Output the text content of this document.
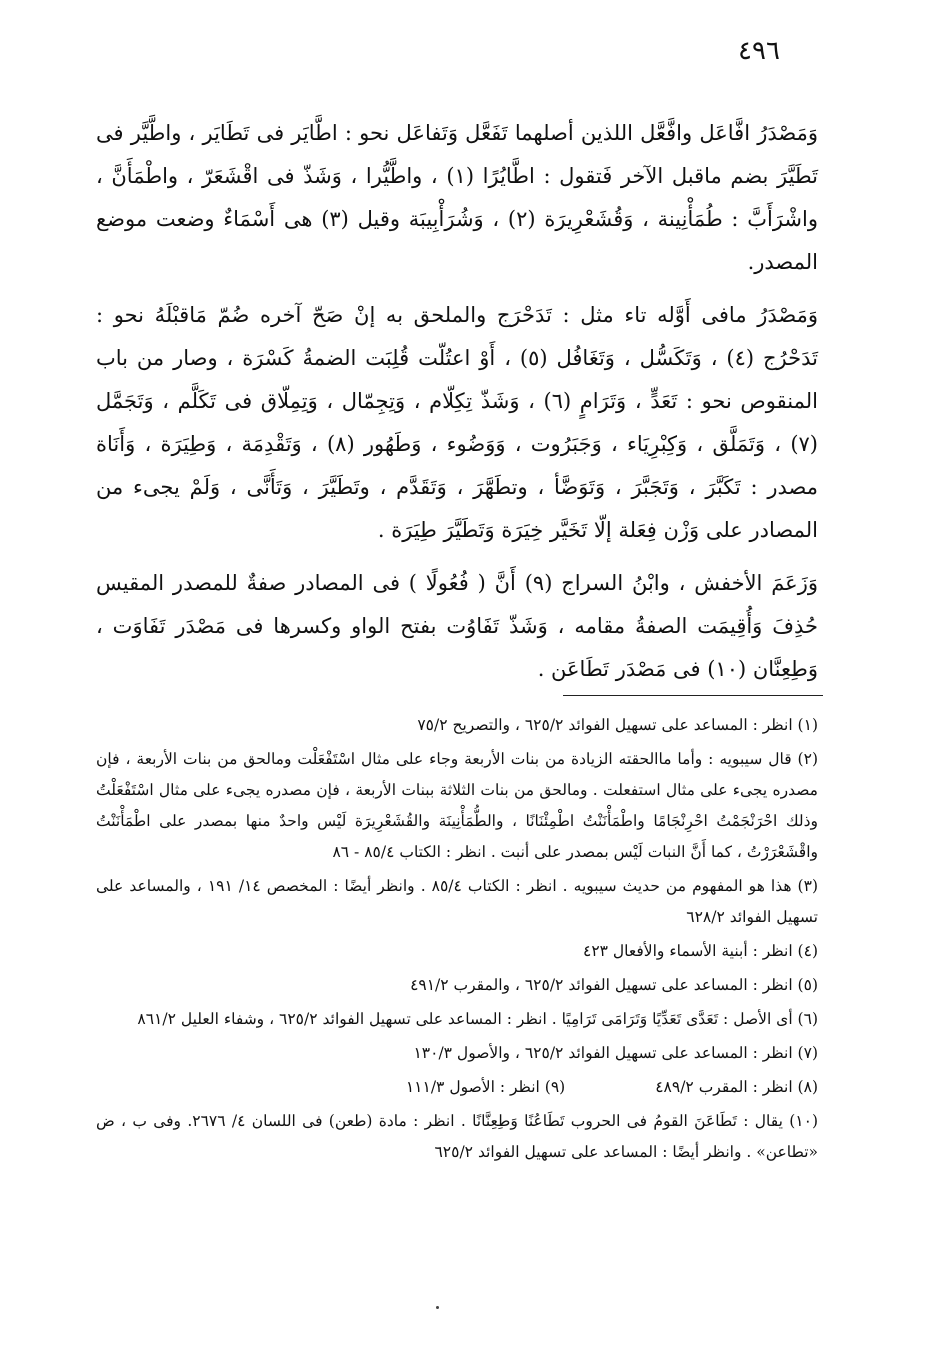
٤٩٦

وَمَصْدَرُ افَّاعَل وافَّعَّل اللذين أصلهما تَفَعَّل وَتَفاعَل نحو : اطَّايَر فى تَطَايَر ، واطَّيَّر فى تَطَيَّرَ بضم ماقبل الآخر فَتقول : اطَّايُرًا (١) ، واطَّيُّرا ، وَشَذّ فى اقْشَعَرّ ، واطْمَأَنَّ ، واشْرَأَبَّ : طُمَأْنِينة ، وَقُشَعْرِيرَة (٢) ، وَشُرَأْبِيبَة وقيل (٣) هى أَسْمَاءٌ وضعت موضع المصدر.

وَمَصْدَرُ مافى أَوَّله تاء مثل : تَدَحْرَج والملحق به إنْ صَحّ آخره ضُمّ مَاقبْلَهُ نحو : تَدَحْرُج (٤) ، وَتَكَسُّل ، وَتَغَافُل (٥) ، أَوْ اعتُلّت قُلِبَت الضمةُ كَسْرَة ، وصار من باب المنقوص نحو : تَعَدٍّ ، وَتَرَامٍ (٦) ، وَشَذّ تِكِلّام ، وَتِجِمّال ، وَتِمِلّاق فى تَكَلَّم ، وَتَجَمَّل (٧) ، وَتَمَلَّق ، وَكِبْرِيَاء ، وَجَبَرُوت ، وَوَضُوء ، وَطَهُور (٨) ، وَتَقْدِمَة ، وَطِيَرَة ، وَأَنَاة مصدر : تَكَبَّرَ ، وَتَجَبَّرَ ، وَتَوَضَّأ ، وتطَهَّرَ ، وَتَقَدَّم ، وتَطَيَّرَ ، وَتَأَنَّى ، وَلَمْ يجىء من المصادر على وَزْن فِعَلة إلّا تَخَيَّر خِيَرَة وَتَطَيَّرَ طِيَرَة .

وَزَعَمَ الأخفش ، وابْنُ السراج (٩) أَنَّ ( فُعُولًا ) فى المصادر صفةٌ للمصدر المقيس حُذِفَ وَأُقِيمَت الصفةُ مقامه ، وَشَذّ تَفَاوُت بفتح الواو وكسرها فى مَصْدَر تَفَاوَت ، وَطِعِنَّان (١٠) فى مَصْدَر تَطَاعَن .

(١) انظر : المساعد على تسهيل الفوائد ٦٢٥/٢ ، والتصريح ٧٥/٢

(٢) قال سيبويه : وأما ماالحقته الزيادة من بنات الأربعة وجاء على مثال اسْتَفْعَلْت ومالحق من بنات الأربعة ، فإن مصدره يجىء على مثال استفعلت . ومالحق من بنات الثلاثة ببنات الأربعة ، فإن مصدره يجىء على مثال اسْتَفْعَلْتُ وذلك احْرَنْجَمْتُ احْرِنْجَامًا واطْمَأْنَنْتُ اطْمِئْنَانًا ، والطُّمَأْنِينَة والقُشَعْرِيرَة لَيْس واحدٌ منها بمصدر على اطْمَأْنَنْتُ واقْشَعْرَرْتُ ، كما أَنَّ النبات لَيْس بمصدر على أنبت . انظر : الكتاب ٨٥/٤ - ٨٦

(٣) هذا هو المفهوم من حديث سيبويه . انظر : الكتاب ٨٥/٤ . وانظر أيضًا : المخصص ١٤/ ١٩١ ، والمساعد على تسهيل الفوائد ٦٢٨/٢

(٤) انظر : أبنية الأسماء والأفعال ٤٢٣

(٥) انظر : المساعد على تسهيل الفوائد ٦٢٥/٢ ، والمقرب ٤٩١/٢

(٦) أى الأصل : تَعَدَّى تَعَدِّيًا وَتَرَامَى تَرَامِيًا . انظر : المساعد على تسهيل الفوائد ٦٢٥/٢ ، وشفاء العليل ٨٦١/٢

(٧) انظر : المساعد على تسهيل الفوائد ٦٢٥/٢ ، والأصول ١٣٠/٣

(٨) انظر : المقرب ٤٨٩/٢
(٩) انظر : الأصول ١١١/٣

(١٠) يقال : تَطَاعَنَ القومُ فى الحروب تَطَاعُنًا وَطِعِنَّانًا . انظر : مادة (طعن) فى اللسان ٤/ ٢٦٧٦. وفى ب ، ض «تطاعن» . وانظر أيضًا : المساعد على تسهيل الفوائد ٦٢٥/٢
